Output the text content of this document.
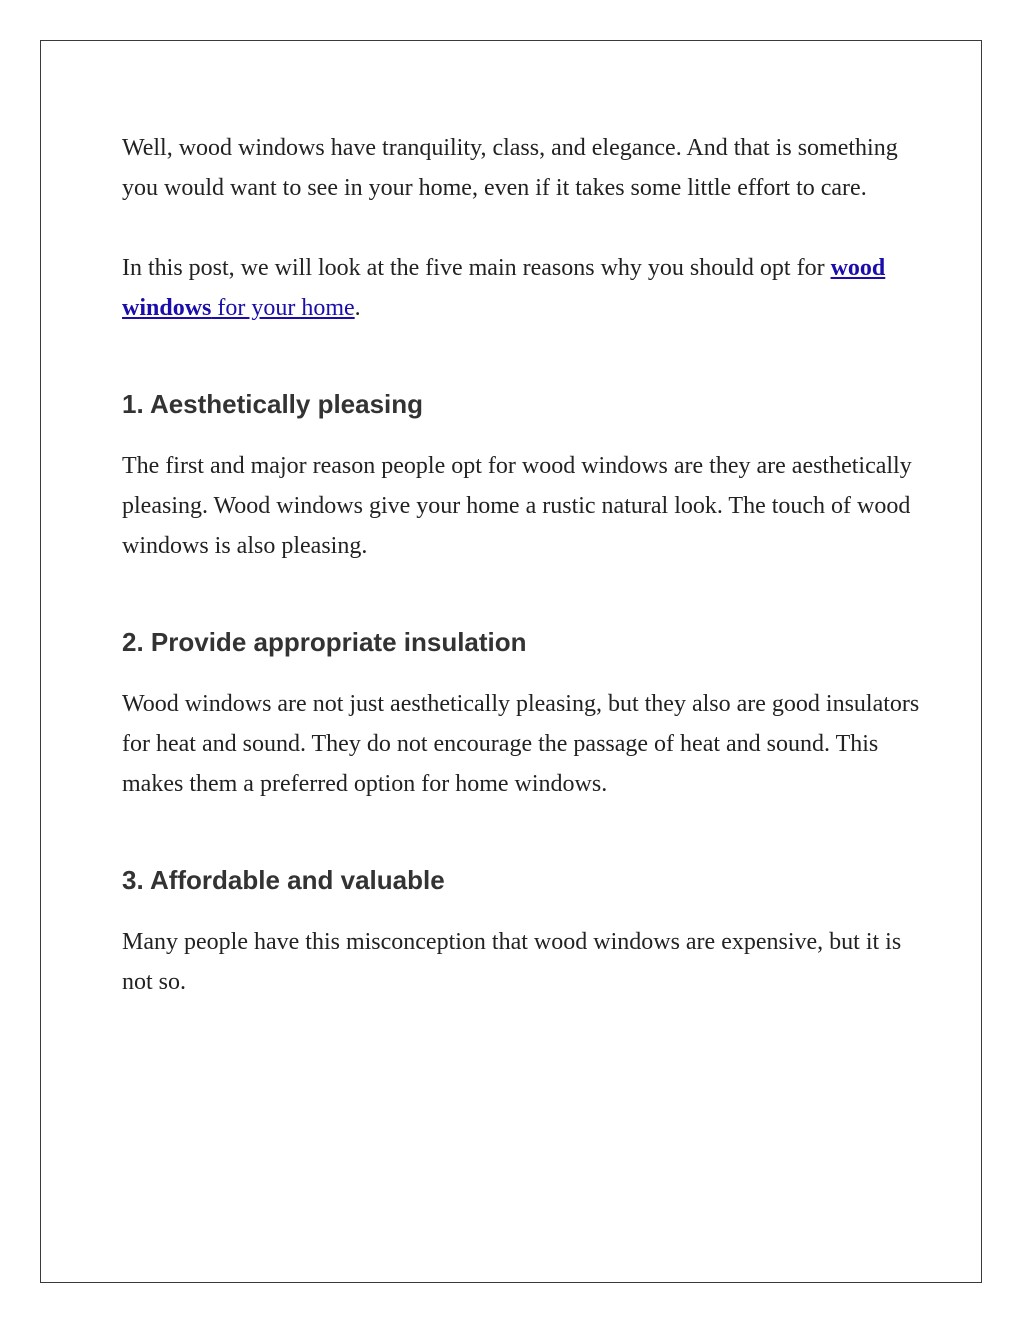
Well, wood windows have tranquility, class, and elegance. And that is something you would want to see in your home, even if it takes some little effort to care.

In this post, we will look at the five main reasons why you should opt for wood windows for your home.

1. Aesthetically pleasing

The first and major reason people opt for wood windows are they are aesthetically pleasing. Wood windows give your home a rustic natural look. The touch of wood windows is also pleasing.

2. Provide appropriate insulation

Wood windows are not just aesthetically pleasing, but they also are good insulators for heat and sound. They do not encourage the passage of heat and sound. This makes them a preferred option for home windows.

3. Affordable and valuable

Many people have this misconception that wood windows are expensive, but it is not so.
